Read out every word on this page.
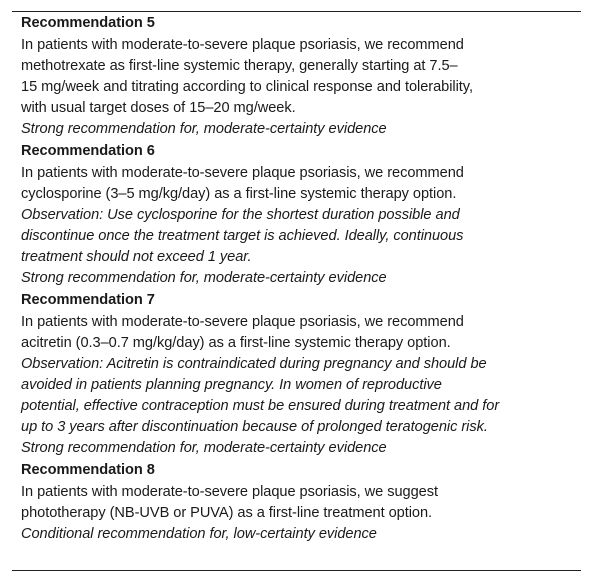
Recommendation 5
In patients with moderate-to-severe plaque psoriasis, we recommend
methotrexate as first-line systemic therapy, generally starting at 7.5–
15 mg/week and titrating according to clinical response and tolerability,
with usual target doses of 15–20 mg/week.
Strong recommendation for, moderate-certainty evidence
Recommendation 6
In patients with moderate-to-severe plaque psoriasis, we recommend
cyclosporine (3–5 mg/kg/day) as a first-line systemic therapy option.
Observation: Use cyclosporine for the shortest duration possible and
discontinue once the treatment target is achieved. Ideally, continuous
treatment should not exceed 1 year.
Strong recommendation for, moderate-certainty evidence
Recommendation 7
In patients with moderate-to-severe plaque psoriasis, we recommend
acitretin (0.3–0.7 mg/kg/day) as a first-line systemic therapy option.
Observation: Acitretin is contraindicated during pregnancy and should be
avoided in patients planning pregnancy. In women of reproductive
potential, effective contraception must be ensured during treatment and for
up to 3 years after discontinuation because of prolonged teratogenic risk.
Strong recommendation for, moderate-certainty evidence
Recommendation 8
In patients with moderate-to-severe plaque psoriasis, we suggest
phototherapy (NB-UVB or PUVA) as a first-line treatment option.
Conditional recommendation for, low-certainty evidence
